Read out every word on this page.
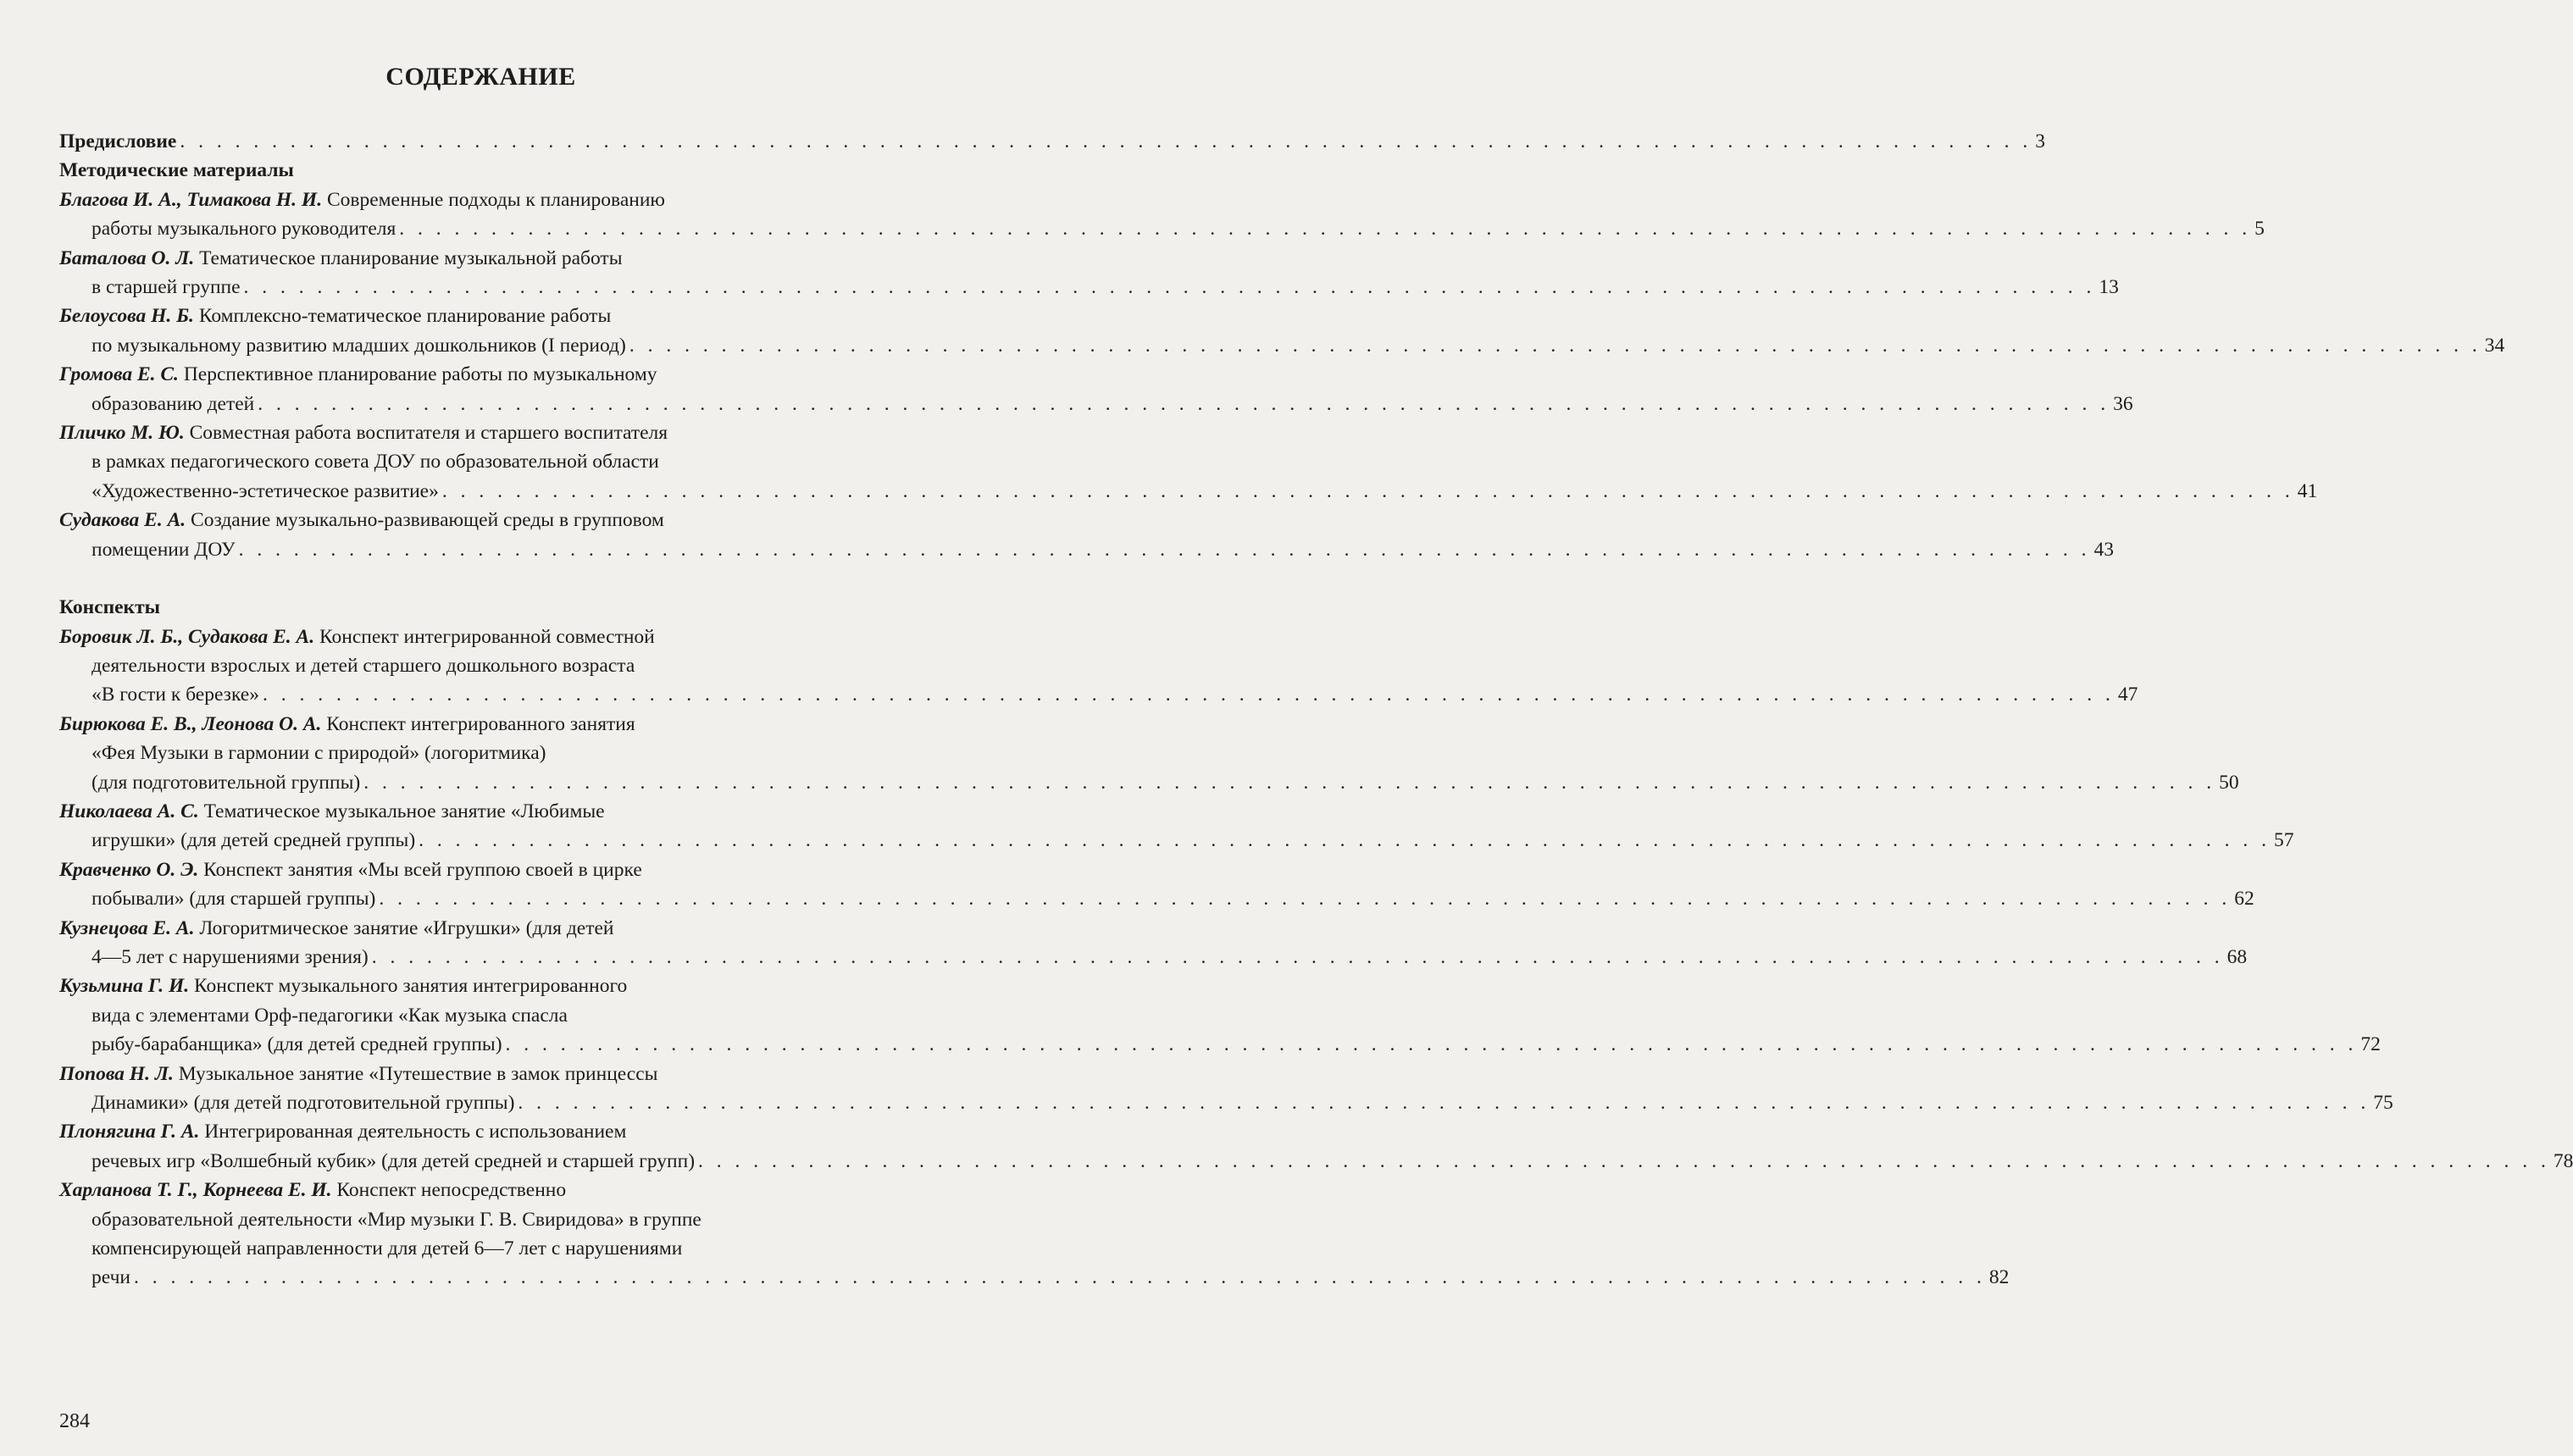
СОДЕРЖАНИЕ
Предисловие . . . . . . . . . . . . . . . . . . . . . . . . . . . . . . . . . . . . . . . . . . . . . . . . . . . . . . . . . . . . . . . . . . . . . . . . . . . . . . . . . . . . . . . . . . . . . . . . . . . . . 3
Методические материалы
Благова И. А., Тимакова Н. И. Современные подходы к планированию
работы музыкального руководителя . . . . . . . . . . . . . . . . . . . . . . . . . . . . . . . . . . . . . . . . . . . . . . . . . . . . . . . . . . . . . . . . . . . . . . . . . . . . . . . . . . . . . . . . . . . . . . . . . . . . . 5
Баталова О. Л. Тематическое планирование музыкальной работы
в старшей группе . . . . . . . . . . . . . . . . . . . . . . . . . . . . . . . . . . . . . . . . . . . . . . . . . . . . . . . . . . . . . . . . . . . . . . . . . . . . . . . . . . . . . . . . . . . . . . . . . . . . . 13
Белоусова Н. Б. Комплексно-тематическое планирование работы
по музыкальному развитию младших дошкольников (I период) . . . . . . . . . . . . . . . . . . . . . . . . . . . . . . . . . . . . . . . . . . . . . . . . . . . . . . . . . . . . . . . . . . . . . . . . . . . . . . . . . . . . . . . . . . . . . . . . . . . . . 34
Громова Е. С. Перспективное планирование работы по музыкальному
образованию детей . . . . . . . . . . . . . . . . . . . . . . . . . . . . . . . . . . . . . . . . . . . . . . . . . . . . . . . . . . . . . . . . . . . . . . . . . . . . . . . . . . . . . . . . . . . . . . . . . . . . . 36
Пличко М. Ю. Совместная работа воспитателя и старшего воспитателя
в рамках педагогического совета ДОУ по образовательной области
«Художественно-эстетическое развитие» . . . . . . . . . . . . . . . . . . . . . . . . . . . . . . . . . . . . . . . . . . . . . . . . . . . . . . . . . . . . . . . . . . . . . . . . . . . . . . . . . . . . . . . . . . . . . . . . . . . . . 41
Судакова Е. А. Создание музыкально-развивающей среды в групповом
помещении ДОУ . . . . . . . . . . . . . . . . . . . . . . . . . . . . . . . . . . . . . . . . . . . . . . . . . . . . . . . . . . . . . . . . . . . . . . . . . . . . . . . . . . . . . . . . . . . . . . . . . . . . . 43
Конспекты
Боровик Л. Б., Судакова Е. А. Конспект интегрированной совместной
деятельности взрослых и детей старшего дошкольного возраста
«В гости к березке» . . . . . . . . . . . . . . . . . . . . . . . . . . . . . . . . . . . . . . . . . . . . . . . . . . . . . . . . . . . . . . . . . . . . . . . . . . . . . . . . . . . . . . . . . . . . . . . . . . . . . 47
Бирюкова Е. В., Леонова О. А. Конспект интегрированного занятия
«Фея Музыки в гармонии с природой» (логоритмика)
(для подготовительной группы) . . . . . . . . . . . . . . . . . . . . . . . . . . . . . . . . . . . . . . . . . . . . . . . . . . . . . . . . . . . . . . . . . . . . . . . . . . . . . . . . . . . . . . . . . . . . . . . . . . . . . 50
Николаева А. С. Тематическое музыкальное занятие «Любимые
игрушки» (для детей средней группы) . . . . . . . . . . . . . . . . . . . . . . . . . . . . . . . . . . . . . . . . . . . . . . . . . . . . . . . . . . . . . . . . . . . . . . . . . . . . . . . . . . . . . . . . . . . . . . . . . . . . . 57
Кравченко О. Э. Конспект занятия «Мы всей группою своей в цирке
побывали» (для старшей группы) . . . . . . . . . . . . . . . . . . . . . . . . . . . . . . . . . . . . . . . . . . . . . . . . . . . . . . . . . . . . . . . . . . . . . . . . . . . . . . . . . . . . . . . . . . . . . . . . . . . . . 62
Кузнецова Е. А. Логоритмическое занятие «Игрушки» (для детей
4—5 лет с нарушениями зрения) . . . . . . . . . . . . . . . . . . . . . . . . . . . . . . . . . . . . . . . . . . . . . . . . . . . . . . . . . . . . . . . . . . . . . . . . . . . . . . . . . . . . . . . . . . . . . . . . . . . . . 68
Кузьмина Г. И. Конспект музыкального занятия интегрированного
вида с элементами Орф-педагогики «Как музыка спасла
рыбу-барабанщика» (для детей средней группы) . . . . . . . . . . . . . . . . . . . . . . . . . . . . . . . . . . . . . . . . . . . . . . . . . . . . . . . . . . . . . . . . . . . . . . . . . . . . . . . . . . . . . . . . . . . . . . . . . . . . . 72
Попова Н. Л. Музыкальное занятие «Путешествие в замок принцессы
Динамики» (для детей подготовительной группы) . . . . . . . . . . . . . . . . . . . . . . . . . . . . . . . . . . . . . . . . . . . . . . . . . . . . . . . . . . . . . . . . . . . . . . . . . . . . . . . . . . . . . . . . . . . . . . . . . . . . . 75
Плонягина Г. А. Интегрированная деятельность с использованием
речевых игр «Волшебный кубик» (для детей средней и старшей групп) . . . . . . . . . . . . . . . . . . . . . . . . . . . . . . . . . . . . . . . . . . . . . . . . . . . . . . . . . . . . . . . . . . . . . . . . . . . . . . . . . . . . . . . . . . . . . . . . . . . . . 78
Харланова Т. Г., Корнеева Е. И. Конспект непосредственно
образовательной деятельности «Мир музыки Г. В. Свиридова» в группе
компенсирующей направленности для детей 6—7 лет с нарушениями
речи . . . . . . . . . . . . . . . . . . . . . . . . . . . . . . . . . . . . . . . . . . . . . . . . . . . . . . . . . . . . . . . . . . . . . . . . . . . . . . . . . . . . . . . . . . . . . . . . . . . . . 82

284
